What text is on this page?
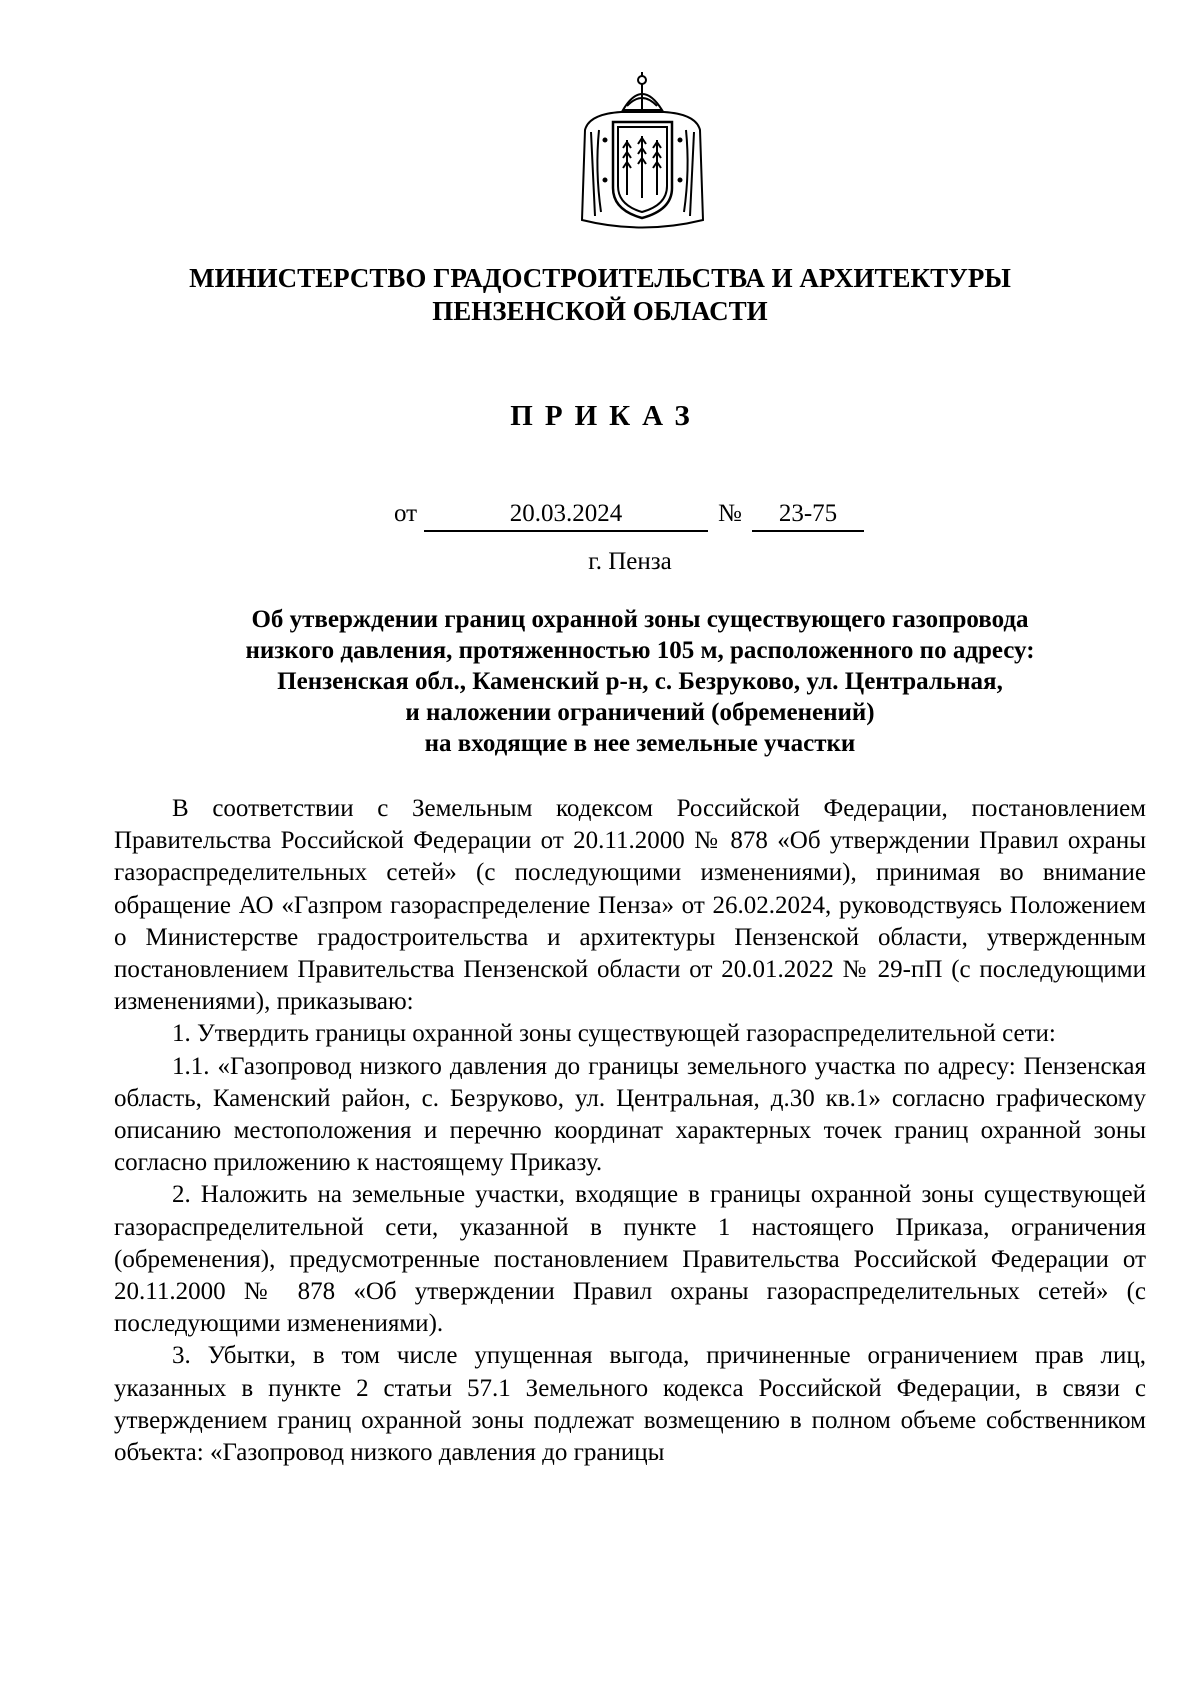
МИНИСТЕРСТВО ГРАДОСТРОИТЕЛЬСТВА И АРХИТЕКТУРЫ
ПЕНЗЕНСКОЙ ОБЛАСТИ
ПРИКАЗ
от	20.03.2024	№	23-75
г. Пенза
Об утверждении границ охранной зоны существующего газопровода
низкого давления, протяженностью 105 м, расположенного по адресу:
Пензенская обл., Каменский р-н, с. Безруково, ул. Центральная,
и наложении ограничений (обременений)
на входящие в нее земельные участки

В соответствии с Земельным кодексом Российской Федерации, постановлением Правительства Российской Федерации от 20.11.2000 № 878 «Об утверждении Правил охраны газораспределительных сетей» (с последующими изменениями), принимая во внимание обращение АО «Газпром газораспределение Пенза» от 26.02.2024, руководствуясь Положением о Министерстве градостроительства и архитектуры Пензенской области, утвержденным постановлением Правительства Пензенской области от 20.01.2022 № 29-пП (с последующими изменениями), приказываю:

1. Утвердить границы охранной зоны существующей газораспределительной сети:

1.1. «Газопровод низкого давления до границы земельного участка по адресу: Пензенская область, Каменский район, с. Безруково, ул. Центральная, д.30 кв.1» согласно графическому описанию местоположения и перечню координат характерных точек границ охранной зоны согласно приложению к настоящему Приказу.

2. Наложить на земельные участки, входящие в границы охранной зоны существующей газораспределительной сети, указанной в пункте 1 настоящего Приказа, ограничения (обременения), предусмотренные постановлением Правительства Российской Федерации от 20.11.2000 № 878 «Об утверждении Правил охраны газораспределительных сетей» (с последующими изменениями).

3. Убытки, в том числе упущенная выгода, причиненные ограничением прав лиц, указанных в пункте 2 статьи 57.1 Земельного кодекса Российской Федерации, в связи с утверждением границ охранной зоны подлежат возмещению в полном объеме собственником объекта: «Газопровод низкого давления до границы
